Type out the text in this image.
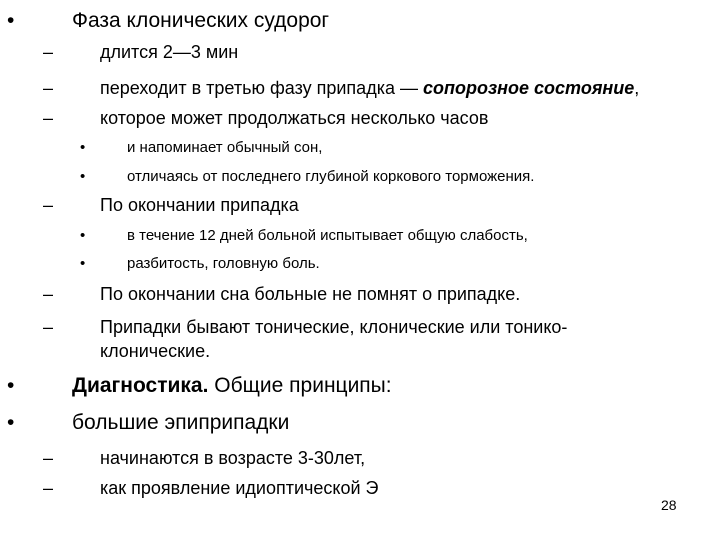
•	Фаза клонических судорог
–	длится 2—3 мин
–	переходит в третью фазу припадка — сопорозное состояние,
–	которое может продолжаться несколько часов
•	и напоминает обычный сон,
•	отличаясь от последнего глубиной коркового торможения.
–	По окончании припадка
•	в течение 12 дней больной испытывает общую слабость,
•	разбитость, головную боль.
–	По окончании сна больные не помнят о припадке.
–	Припадки бывают тонические, клонические или тонико-
клонические.
•	Диагностика. Общие принципы:
•	большие эпиприпадки
–	начинаются в возрасте 3-30лет,
–	как проявление идиоптической Э
28
